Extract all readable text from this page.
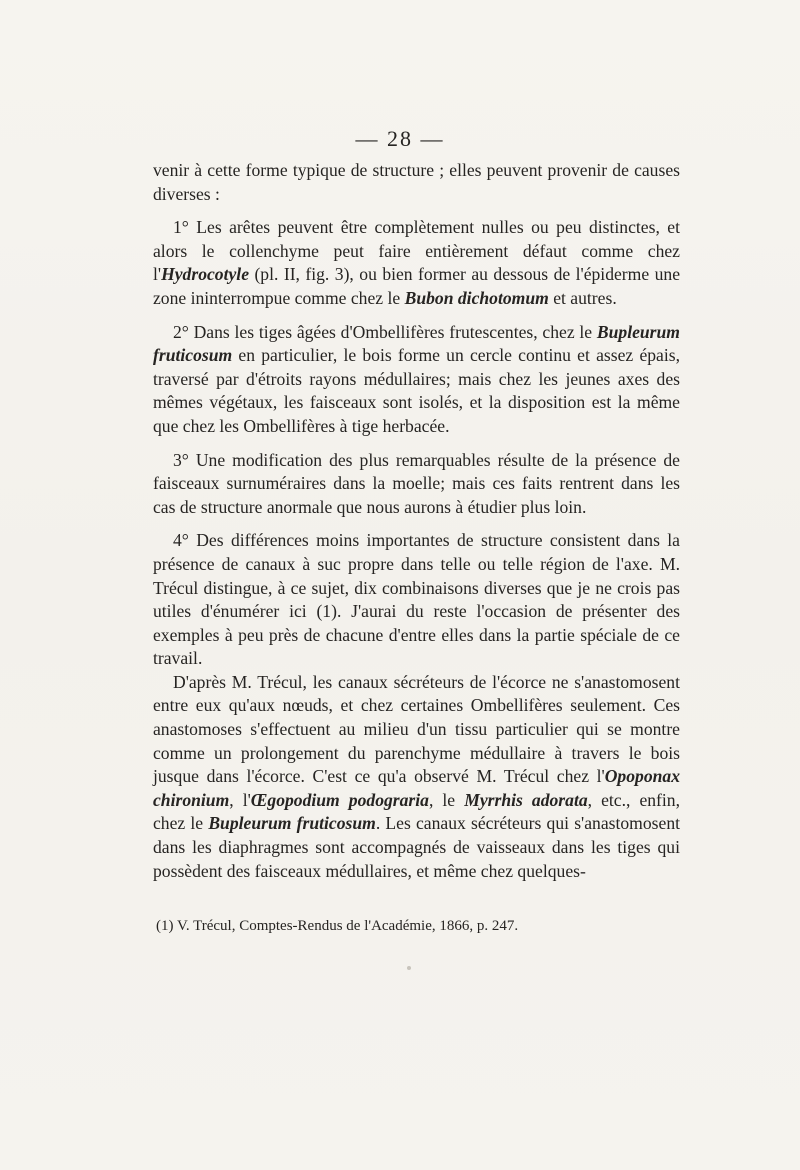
— 28 —

venir à cette forme typique de structure ; elles peuvent provenir de causes diverses :

1° Les arêtes peuvent être complètement nulles ou peu distinctes, et alors le collenchyme peut faire entièrement défaut comme chez l'Hydrocotyle (pl. II, fig. 3), ou bien former au dessous de l'épiderme une zone ininterrompue comme chez le Bubon dichotomum et autres.

2° Dans les tiges âgées d'Ombellifères frutescentes, chez le Bupleurum fruticosum en particulier, le bois forme un cercle continu et assez épais, traversé par d'étroits rayons médullaires; mais chez les jeunes axes des mêmes végétaux, les faisceaux sont isolés, et la disposition est la même que chez les Ombellifères à tige herbacée.

3° Une modification des plus remarquables résulte de la présence de faisceaux surnuméraires dans la moelle; mais ces faits rentrent dans les cas de structure anormale que nous aurons à étudier plus loin.

4° Des différences moins importantes de structure consistent dans la présence de canaux à suc propre dans telle ou telle région de l'axe. M. Trécul distingue, à ce sujet, dix combinaisons diverses que je ne crois pas utiles d'énumérer ici (1). J'aurai du reste l'occasion de présenter des exemples à peu près de chacune d'entre elles dans la partie spéciale de ce travail.

D'après M. Trécul, les canaux sécréteurs de l'écorce ne s'anastomosent entre eux qu'aux nœuds, et chez certaines Ombellifères seulement. Ces anastomoses s'effectuent au milieu d'un tissu particulier qui se montre comme un prolongement du parenchyme médullaire à travers le bois jusque dans l'écorce. C'est ce qu'a observé M. Trécul chez l'Opoponax chironium, l'Œgopodium podograria, le Myrrhis adorata, etc., enfin, chez le Bupleurum fruticosum. Les canaux sécréteurs qui s'anastomosent dans les diaphragmes sont accompagnés de vaisseaux dans les tiges qui possèdent des faisceaux médullaires, et même chez quelques-

(1) V. Trécul, Comptes-Rendus de l'Académie, 1866, p. 247.
